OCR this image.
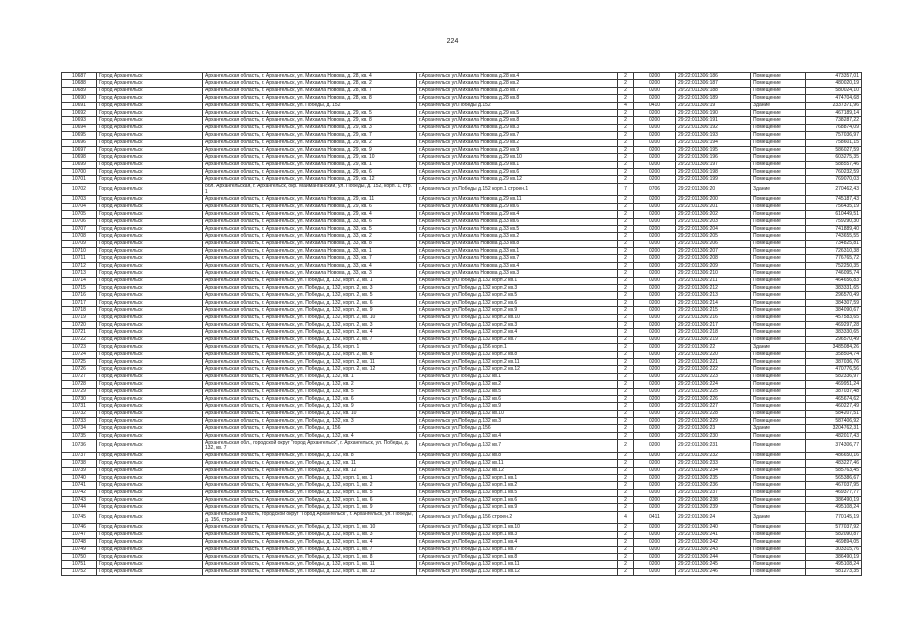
224
10687	Город Архангельск	Архангельская область, г. Архангельск, ул. Михаила Новова, д. 28, кв. 4	г.Архангельск ул.Михаила Новова д.28 кв.4	2	0200	29:22:011306:186	Помещение	473357,01
10688	Город Архангельск	Архангельская область, г. Архангельск, ул. Михаила Новова, д. 28, кв. 2	г.Архангельск ул.Михаила Новова д.28 кв.2	2	0200	29:22:011306:187	Помещение	480020,19
10689	Город Архангельск	Архангельская область, г. Архангельск, ул. Михаила Новова, д. 28, кв. 7	г.Архангельск ул.Михаила Новова д.28 кв.7	2	0200	29:22:011306:188	Помещение	580024,10
10690	Город Архангельск	Архангельская область, г. Архангельск, ул. Михаила Новова, д. 28, кв. 8	г.Архангельск ул.Михаила Новова д.28 кв.8	2	0200	29:22:011306:189	Помещение	474704,68
10691	Город Архангельск	Архангельская область, г. Архангельск, ул. Победы, д. 152	г.Архангельск ул.Победы д.152	4	0410	29:22:011306:19	Здание	2337371,96
10692	Город Архангельск	Архангельская область, г. Архангельск, ул. Михаила Новова, д. 29, кв. 5	г.Архангельск ул.Михаила Новова д.29 кв.5	2	0200	29:22:011306:190	Помещение	467189,14
10693	Город Архангельск	Архангельская область, г. Архангельск, ул. Михаила Новова, д. 29, кв. 8	г.Архангельск ул.Михаила Новова д.29 кв.8	2	0200	29:22:011306:191	Помещение	738287,22
10694	Город Архангельск	Архангельская область, г. Архангельск, ул. Михаила Новова, д. 29, кв. 3	г.Архангельск ул.Михаила Новова д.29 кв.3	2	0200	29:22:011306:192	Помещение	768874,09
10695	Город Архангельск	Архангельская область, г. Архангельск, ул. Михаила Новова, д. 29, кв. 7	г.Архангельск ул.Михаила Новова д.29 кв.7	2	0200	29:22:011306:193	Помещение	757036,97
10696	Город Архангельск	Архангельская область, г. Архангельск, ул. Михаила Новова, д. 29, кв. 2	г.Архангельск ул.Михаила Новова д.29 кв.2	2	0200	29:22:011306:194	Помещение	758601,15
10697	Город Архангельск	Архангельская область, г. Архангельск, ул. Михаила Новова, д. 29, кв. 9	г.Архангельск ул.Михаила Новова д.29 кв.9	2	0200	29:22:011306:195	Помещение	586027,59
10698	Город Архангельск	Архангельская область, г. Архангельск, ул. Михаила Новова, д. 29, кв. 10	г.Архангельск ул.Михаила Новова д.29 кв.10	2	0200	29:22:011306:196	Помещение	603275,35
10699	Город Архангельск	Архангельская область, г. Архангельск, ул. Михаила Новова, д. 29, кв. 1	г.Архангельск ул.Михаила Новова д.29 кв.1	2	0200	29:22:011306:197	Помещение	588557,46
10700	Город Архангельск	Архангельская область, г. Архангельск, ул. Михаила Новова, д. 29, кв. 6	г.Архангельск ул.Михаила Новова д.29 кв.6	2	0200	29:22:011306:198	Помещение	760232,59
10701	Город Архангельск	Архангельская область, г. Архангельск, ул. Михаила Новова, д. 29, кв. 12	г.Архангельск ул.Михаила Новова д.29 кв.12	2	0200	29:22:011306:199	Помещение	769070,03
10702	Город Архангельск	обл. Архангельская, г. Архангельск, окр. Майманганский, ул. Победы, д. 152, корп. 1, стр. 1	г.Архангельск ул.Победы д.152 корп.1 строен.1	7	0706	29:22:011306:20	Здание	270462,43
10703	Город Архангельск	Архангельская область, г. Архангельск, ул. Михаила Новова, д. 29, кв. 11	г.Архангельск ул.Михаила Новова д.29 кв.11	2	0200	29:22:011306:200	Помещение	745187,43
10704	Город Архангельск	Архангельская область, г. Архангельск, ул. Михаила Новова, д. 29, кв. 6	г.Архангельск ул.Михаила Новова д.29 кв.6	2	0200	29:22:011306:201	Помещение	756435,19
10705	Город Архангельск	Архангельская область, г. Архангельск, ул. Михаила Новова, д. 29, кв. 4	г.Архангельск ул.Михаила Новова д.29 кв.4	2	0200	29:22:011306:202	Помещение	610449,51
10706	Город Архангельск	Архангельская область, г. Архангельск, ул. Михаила Новова, д. 33, кв. 6	г.Архангельск ул.Михаила Новова д.33 кв.6	2	0200	29:22:011306:203	Помещение	759290,30
10707	Город Архангельск	Архангельская область, г. Архангельск, ул. Михаила Новова, д. 33, кв. 5	г.Архангельск ул.Михаила Новова д.33 кв.5	2	0200	29:22:011306:204	Помещение	741889,40
10708	Город Архангельск	Архангельская область, г. Архангельск, ул. Михаила Новова, д. 33, кв. 2	г.Архангельск ул.Михаила Новова д.33 кв.2	2	0200	29:22:011306:205	Помещение	743655,55
10709	Город Архангельск	Архангельская область, г. Архангельск, ул. Михаила Новова, д. 33, кв. 8	г.Архангельск ул.Михаила Новова д.33 кв.8	2	0200	29:22:011306:206	Помещение	734825,81
10710	Город Архангельск	Архангельская область, г. Архангельск, ул. Михаила Новова, д. 33, кв. 1	г.Архангельск ул.Михаила Новова д.33 кв.1	2	0200	29:22:011306:207	Помещение	726310,38
10711	Город Архангельск	Архангельская область, г. Архангельск, ул. Михаила Новова, д. 33, кв. 7	г.Архангельск ул.Михаила Новова д.33 кв.7	2	0200	29:22:011306:208	Помещение	776765,72
10712	Город Архангельск	Архангельская область, г. Архангельск, ул. Михаила Новова, д. 33, кв. 4	г.Архангельск ул.Михаила Новова д.33 кв.4	2	0200	29:22:011306:209	Помещение	752250,35
10713	Город Архангельск	Архангельская область, г. Архангельск, ул. Михаила Новова, д. 33, кв. 3	г.Архангельск ул.Михаила Новова д.33 кв.3	2	0200	29:22:011306:210	Помещение	746095,74
10714	Город Архангельск	Архангельская область, г. Архангельск, ул. Победы, д. 132, корп. 2, кв. 1	г.Архангельск ул.Победы д.132 корп.2 кв.1	2	0200	29:22:011306:211	Помещение	464656,83
10715	Город Архангельск	Архангельская область, г. Архангельск, ул. Победы, д. 132, корп. 2, кв. 3	г.Архангельск ул.Победы д.132 корп.2 кв.3	2	0200	29:22:011306:212	Помещение	383331,65
10716	Город Архангельск	Архангельская область, г. Архангельск, ул. Победы, д. 132, корп. 2, кв. 5	г.Архангельск ул.Победы д.132 корп.2 кв.5	2	0200	29:22:011306:213	Помещение	296570,49
10717	Город Архангельск	Архангельская область, г. Архангельск, ул. Победы, д. 132, корп. 2, кв. 6	г.Архангельск ул.Победы д.132 корп.2 кв.6	2	0200	29:22:011306:214	Помещение	384307,59
10718	Город Архангельск	Архангельская область, г. Архангельск, ул. Победы, д. 132, корп. 2, кв. 9	г.Архангельск ул.Победы д.132 корп.2 кв.9	2	0200	29:22:011306:215	Помещение	384090,67
10719	Город Архангельск	Архангельская область, г. Архангельск, ул. Победы, д. 132, корп. 2, кв. 10	г.Архангельск ул.Победы д.132 корп.2 кв.10	2	0200	29:22:011306:216	Помещение	457583,65
10720	Город Архангельск	Архангельская область, г. Архангельск, ул. Победы, д. 132, корп. 2, кв. 3	г.Архангельск ул.Победы д.132 корп.2 кв.3	2	0200	29:22:011306:217	Помещение	469297,28
10721	Город Архангельск	Архангельская область, г. Архангельск, ул. Победы, д. 132, корп. 2, кв. 4	г.Архангельск ул.Победы д.132 корп.2 кв.4	2	0200	29:22:011306:218	Помещение	383330,65
10722	Город Архангельск	Архангельская область, г. Архангельск, ул. Победы, д. 132, корп. 2, кв. 7	г.Архангельск ул.Победы д.132 корп.2 кв.7	2	0200	29:22:011306:219	Помещение	296570,49
10723	Город Архангельск	Архангельская область, г. Архангельск, ул. Победы, д. 156, корп. 1	г.Архангельск ул.Победы д.156 корп.1	2	0200	29:22:011306:22	Здание	3485084,26
10724	Город Архангельск	Архангельская область, г. Архангельск, ул. Победы, д. 132, корп. 2, кв. 8	г.Архангельск ул.Победы д.132 корп.2 кв.8	2	0200	29:22:011306:220	Помещение	358504,74
10725	Город Архангельск	Архангельская область, г. Архангельск, ул. Победы, д. 132, корп. 2, кв. 11	г.Архангельск ул.Победы д.132 корп.2 кв.11	2	0200	29:22:011306:221	Помещение	387036,76
10726	Город Архангельск	Архангельская область, г. Архангельск, ул. Победы, д. 132, корп. 2, кв. 12	г.Архангельск ул.Победы д.132 корп.2 кв.12	2	0200	29:22:011306:222	Помещение	470776,56
10727	Город Архангельск	Архангельская область, г. Архангельск, ул. Победы, д. 132, кв. 1	г.Архангельск ул.Победы д.132 кв.1	2	0200	29:22:011306:223	Помещение	582336,97
10728	Город Архангельск	Архангельская область, г. Архангельск, ул. Победы, д. 132, кв. 2	г.Архангельск ул.Победы д.132 кв.2	2	0200	29:22:011306:224	Помещение	469951,24
10729	Город Архангельск	Архангельская область, г. Архангельск, ул. Победы, д. 132, кв. 5	г.Архангельск ул.Победы д.132 кв.5	2	0200	29:22:011306:225	Помещение	387037,48
10730	Город Архангельск	Архангельская область, г. Архангельск, ул. Победы, д. 132, кв. 6	г.Архангельск ул.Победы д.132 кв.6	2	0200	29:22:011306:226	Помещение	465674,62
10731	Город Архангельск	Архангельская область, г. Архангельск, ул. Победы, д. 132, кв. 9	г.Архангельск ул.Победы д.132 кв.9	2	0200	29:22:011306:227	Помещение	460227,49
10732	Город Архангельск	Архангельская область, г. Архангельск, ул. Победы, д. 132, кв. 10	г.Архангельск ул.Победы д.132 кв.10	2	0200	29:22:011306:228	Помещение	584207,51
10733	Город Архангельск	Архангельская область, г. Архангельск, ул. Победы, д. 132, кв. 3	г.Архангельск ул.Победы д.132 кв.3	2	0200	29:22:011306:229	Помещение	587406,92
10734	Город Архангельск	Архангельская область, г. Архангельск, ул. Победы, д. 156	г.Архангельск ул.Победы д.156	2	0200	29:22:011306:23	Здание	3204762,31
10735	Город Архангельск	Архангельская область, г. Архангельск, ул. Победы, д. 132, кв. 4	г.Архангельск ул.Победы д.132 кв.4	2	0200	29:22:011306:230	Помещение	482017,43
10736	Город Архангельск	Архангельская обл., городской округ "город Архангельск", г. Архангельск, ул. Победы, д. 132, кв. 7	г.Архангельск ул.Победы д.132 кв.7	2	0200	29:22:011306:231	Помещение	374306,77
10737	Город Архангельск	Архангельская область, г. Архангельск, ул. Победы, д. 132, кв. 8	г.Архангельск ул.Победы д.132 кв.8	2	0200	29:22:011306:232	Помещение	486650,16
10738	Город Архангельск	Архангельская область, г. Архангельск, ул. Победы, д. 132, кв. 11	г.Архангельск ул.Победы д.132 кв.11	2	0200	29:22:011306:233	Помещение	483227,46
10739	Город Архангельск	Архангельская область, г. Архангельск, ул. Победы, д. 132, кв. 12	г.Архангельск ул.Победы д.132 кв.12	2	0200	29:22:011306:234	Помещение	585763,45
10740	Город Архангельск	Архангельская область, г. Архангельск, ул. Победы, д. 132, корп. 1, кв. 1	г.Архангельск ул.Победы д.132 корп.1 кв.1	2	0200	29:22:011306:235	Помещение	565386,67
10741	Город Архангельск	Архангельская область, г. Архангельск, ул. Победы, д. 132, корп. 1, кв. 2	г.Архангельск ул.Победы д.132 корп.1 кв.2	2	0200	29:22:011306:236	Помещение	467037,95
10742	Город Архангельск	Архангельская область, г. Архангельск, ул. Победы, д. 132, корп. 1, кв. 5	г.Архангельск ул.Победы д.132 корп.1 кв.5	2	0200	29:22:011306:237	Помещение	469377,77
10743	Город Архангельск	Архангельская область, г. Архангельск, ул. Победы, д. 132, корп. 1, кв. 6	г.Архангельск ул.Победы д.132 корп.1 кв.6	2	0200	29:22:011306:238	Помещение	386490,19
10744	Город Архангельск	Архангельская область, г. Архангельск, ул. Победы, д. 132, корп. 1, кв. 9	г.Архангельск ул.Победы д.132 корп.1 кв.9	2	0200	29:22:011306:239	Помещение	495108,24
10745	Город Архангельск	Архангельская область, городской округ "Город Архангельск", г. Архангельск, ул. Победы, д. 156, строение 2	г.Архангельск ул.Победы д.156 строен.2	4	0411	29:22:011306:24	Здание	770145,19
10746	Город Архангельск	Архангельская область, г. Архангельск, ул. Победы, д. 132, корп. 1, кв. 10	г.Архангельск ул.Победы д.132 корп.1 кв.10	2	0200	29:22:011306:240	Помещение	577037,92
10747	Город Архангельск	Архангельская область, г. Архангельск, ул. Победы, д. 132, корп. 1, кв. 3	г.Архангельск ул.Победы д.132 корп.1 кв.3	2	0200	29:22:011306:241	Помещение	582090,87
10748	Город Архангельск	Архангельская область, г. Архангельск, ул. Победы, д. 132, корп. 1, кв. 4	г.Архангельск ул.Победы д.132 корп.1 кв.4	2	0200	29:22:011306:242	Помещение	469894,05
10749	Город Архангельск	Архангельская область, г. Архангельск, ул. Победы, д. 132, корп. 1, кв. 7	г.Архангельск ул.Победы д.132 корп.1 кв.7	2	0200	29:22:011306:243	Помещение	303315,76
10750	Город Архангельск	Архангельская область, г. Архангельск, ул. Победы, д. 132, корп. 1, кв. 8	г.Архангельск ул.Победы д.132 корп.1 кв.8	2	0200	29:22:011306:244	Помещение	386490,19
10751	Город Архангельск	Архангельская область, г. Архангельск, ул. Победы, д. 132, корп. 1, кв. 11	г.Архангельск ул.Победы д.132 корп.1 кв.11	2	0200	29:22:011306:245	Помещение	495108,24
10752	Город Архангельск	Архангельская область, г. Архангельск, ул. Победы, д. 132, корп. 1, кв. 12	г.Архангельск ул.Победы д.132 корп.1 кв.12	2	0200	29:22:011306:246	Помещение	581273,35
